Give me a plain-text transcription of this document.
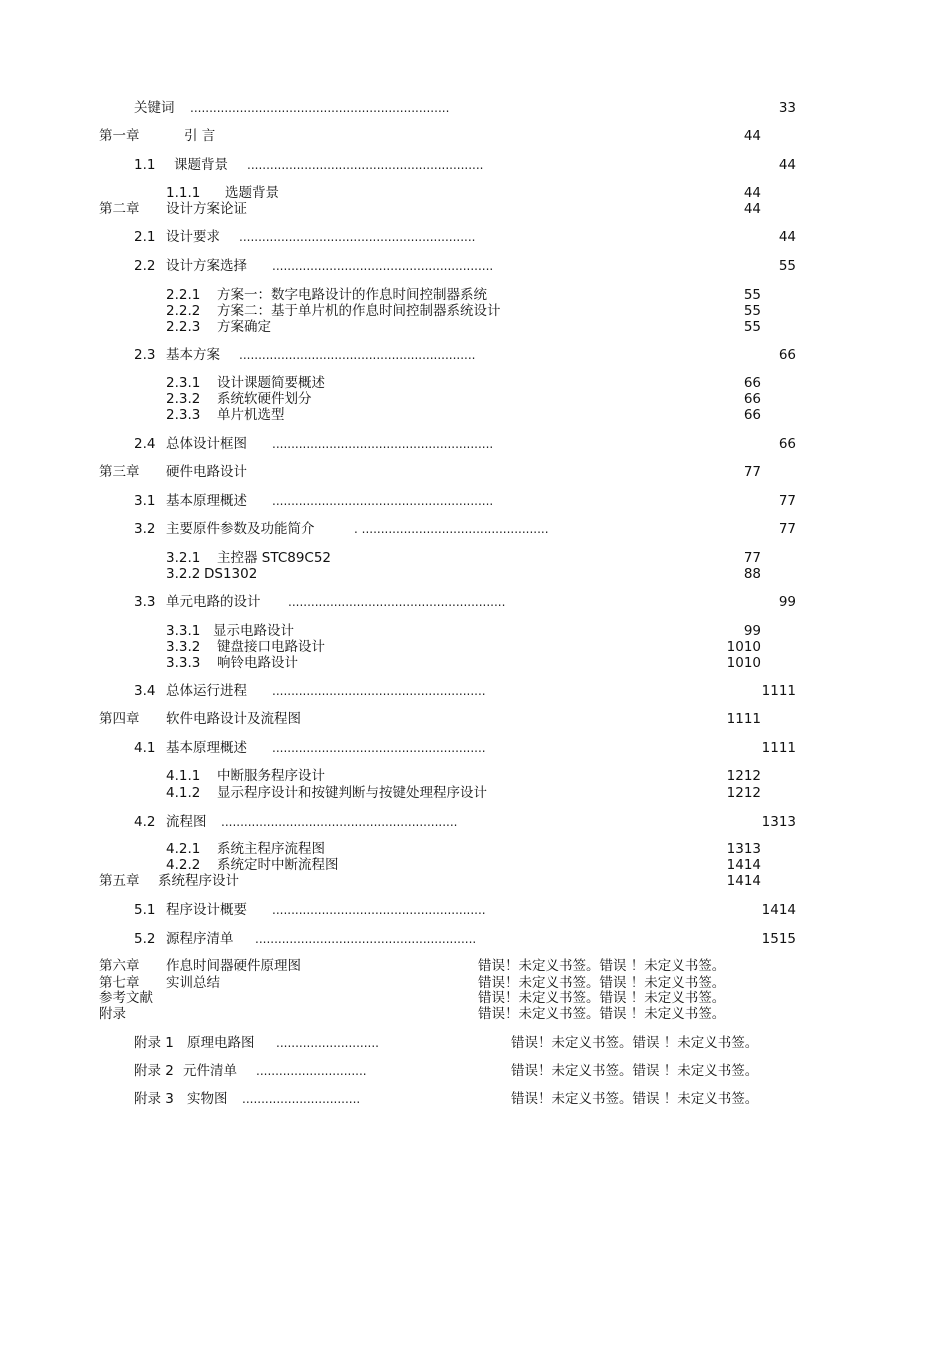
关键词 ....................................................................	33
第一章	引 言	44
1.1 课题背景 ..............................................................	44
1.1.1 选题背景	44
第二章 设计方案论证	44
2.1 设计要求 ..............................................................	44
2.2 设计方案选择 ..........................................................	55
2.2.1 方案一：数字电路设计的作息时间控制器系统	55
2.2.2 方案二：基于单片机的作息时间控制器系统设计	55
2.2.3 方案确定	55
2.3 基本方案 ..............................................................	66
2.3.1 设计课题简要概述	66
2.3.2 系统软硬件划分	66
2.3.3 单片机选型	66
2.4 总体设计框图 ..........................................................	66
第三章 硬件电路设计	77
3.1 基本原理概述 ..........................................................	77
3.2 主要原件参数及功能简介	. .................................................	77
3.2.1 主控器 STC89C52	77
3.2.2 DS1302	88
3.3 单元电路的设计 .........................................................	99
3.3.1 显示电路设计	99
3.3.2 键盘接口电路设计	1010
3.3.3 响铃电路设计	1010
3.4 总体运行进程 ........................................................	1111
第四章 软件电路设计及流程图	1111
4.1 基本原理概述 ........................................................	1111
4.1.1 中断服务程序设计	1212
4.1.2 显示程序设计和按键判断与按键处理程序设计	1212
4.2 流程图 ..............................................................	1313
4.2.1 系统主程序流程图	1313
4.2.2 系统定时中断流程图	1414
第五章 系统程序设计	1414
5.1 程序设计概要 ........................................................	1414
5.2 源程序清单 ..........................................................	1515
第六章 作息时间器硬件原理图	错误！未定义书签。错误 ！未定义书签。
第七章 实训总结	错误！未定义书签。错误 ！未定义书签。
参考文献	错误！未定义书签。错误 ！未定义书签。
附录	错误！未定义书签。错误 ！未定义书签。
附录 1 原理电路图 ...........................	错误！未定义书签。错误 ！未定义书签。
附录 2 元件清单 .............................	错误！未定义书签。错误 ！未定义书签。
附录 3 实物图 ...............................	错误！未定义书签。错误 ！未定义书签。
